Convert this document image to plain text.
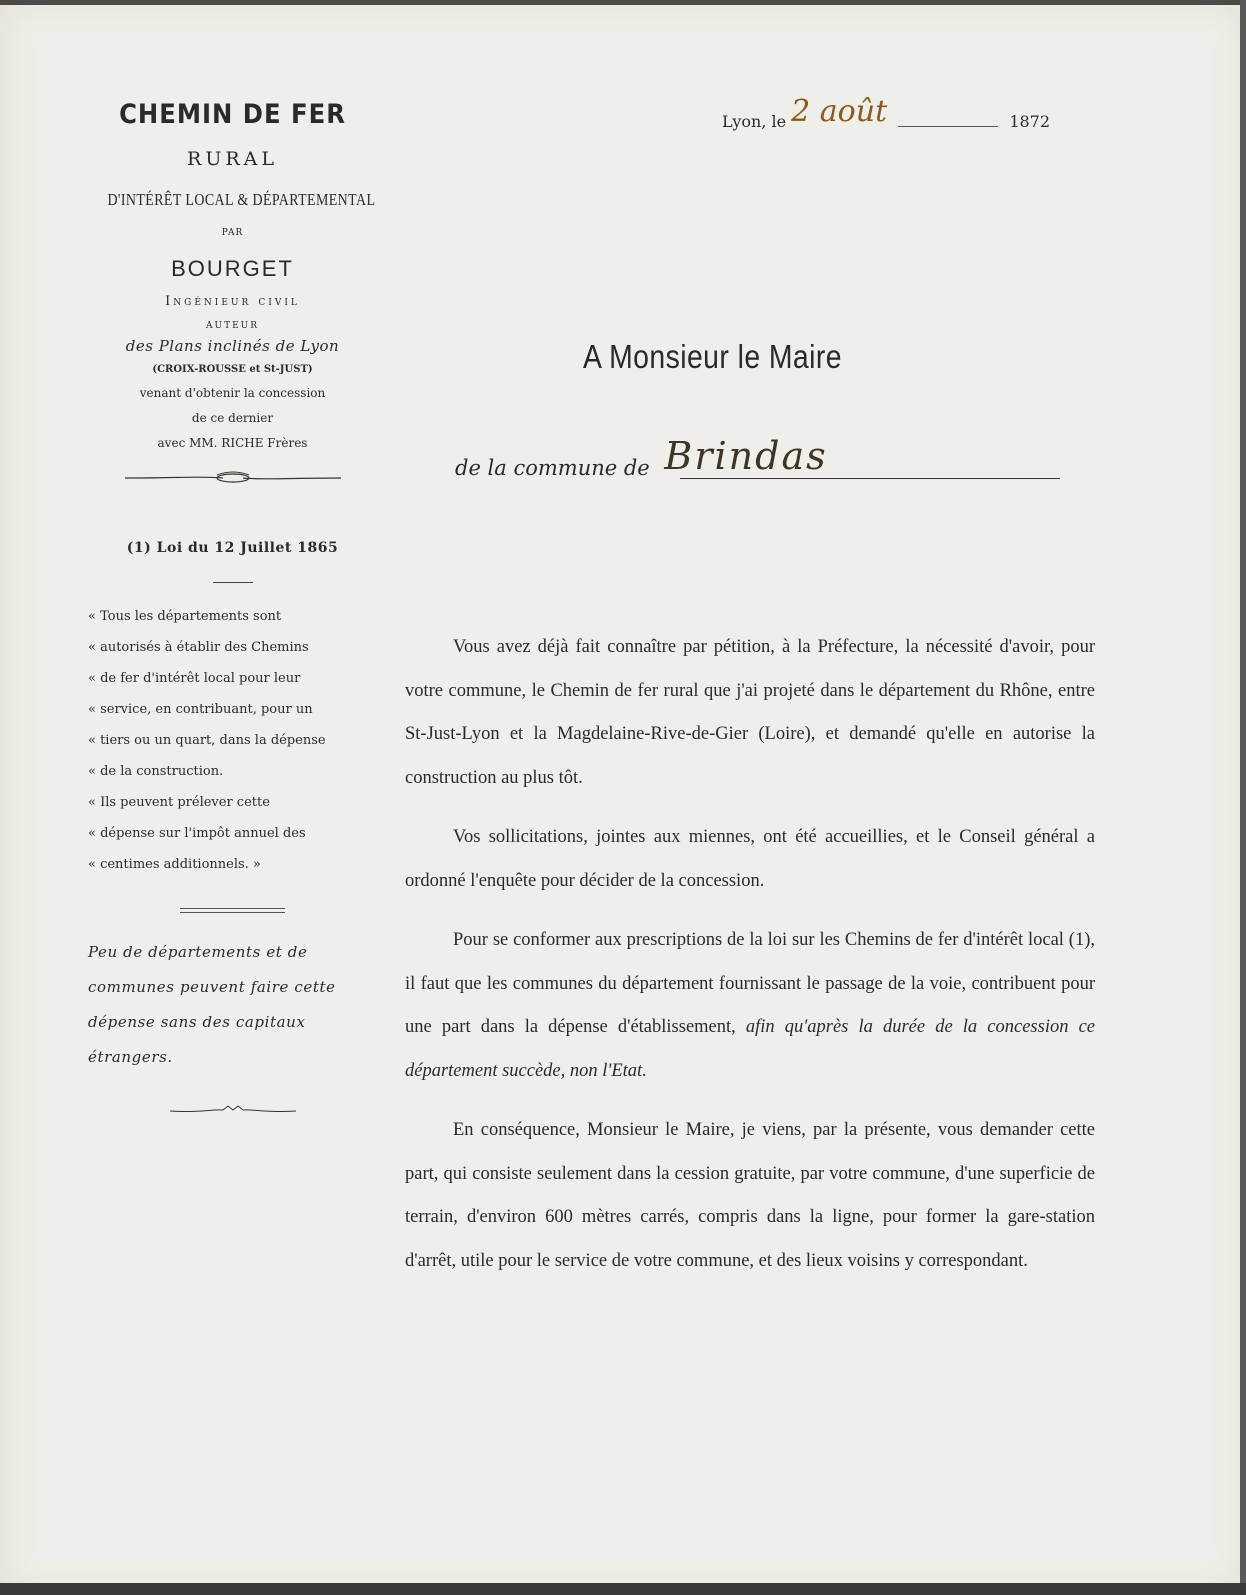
CHEMIN DE FER
RURAL
D'INTÉRÊT LOCAL & DÉPARTEMENTAL
PAR
BOURGET
Ingénieur civil
AUTEUR
des Plans inclinés de Lyon
(CROIX-ROUSSE et St-JUST)
venant d'obtenir la concession
de ce dernier
avec MM. RICHE Frères
(1) Loi du 12 Juillet 1865

« Tous les départements sont

« autorisés à établir des Chemins

« de fer d'intérêt local pour leur

« service, en contribuant, pour un

« tiers ou un quart, dans la dépense

« de la construction.

« Ils peuvent prélever cette

« dépense sur l'impôt annuel des

« centimes additionnels. »

Peu de départements et de
communes peuvent faire cette
dépense sans des capitaux
étrangers.
Lyon, le 2 août	1872
A Monsieur le Maire
de la commune de Brindas

Vous avez déjà fait connaître par pétition, à la Préfecture, la nécessité d'avoir, pour votre commune, le Chemin de fer rural que j'ai projeté dans le département du Rhône, entre St-Just-Lyon et la Magdelaine-Rive-de-Gier (Loire), et demandé qu'elle en autorise la construction au plus tôt.

Vos sollicitations, jointes aux miennes, ont été accueillies, et le Conseil général a ordonné l'enquête pour décider de la concession.

Pour se conformer aux prescriptions de la loi sur les Chemins de fer d'intérêt local (1), il faut que les communes du département fournissant le passage de la voie, contribuent pour une part dans la dépense d'établissement, afin qu'après la durée de la concession ce département succède, non l'Etat.

En conséquence, Monsieur le Maire, je viens, par la présente, vous demander cette part, qui consiste seulement dans la cession gratuite, par votre commune, d'une superficie de terrain, d'environ 600 mètres carrés, compris dans la ligne, pour former la gare-station d'arrêt, utile pour le service de votre commune, et des lieux voisins y correspondant.
